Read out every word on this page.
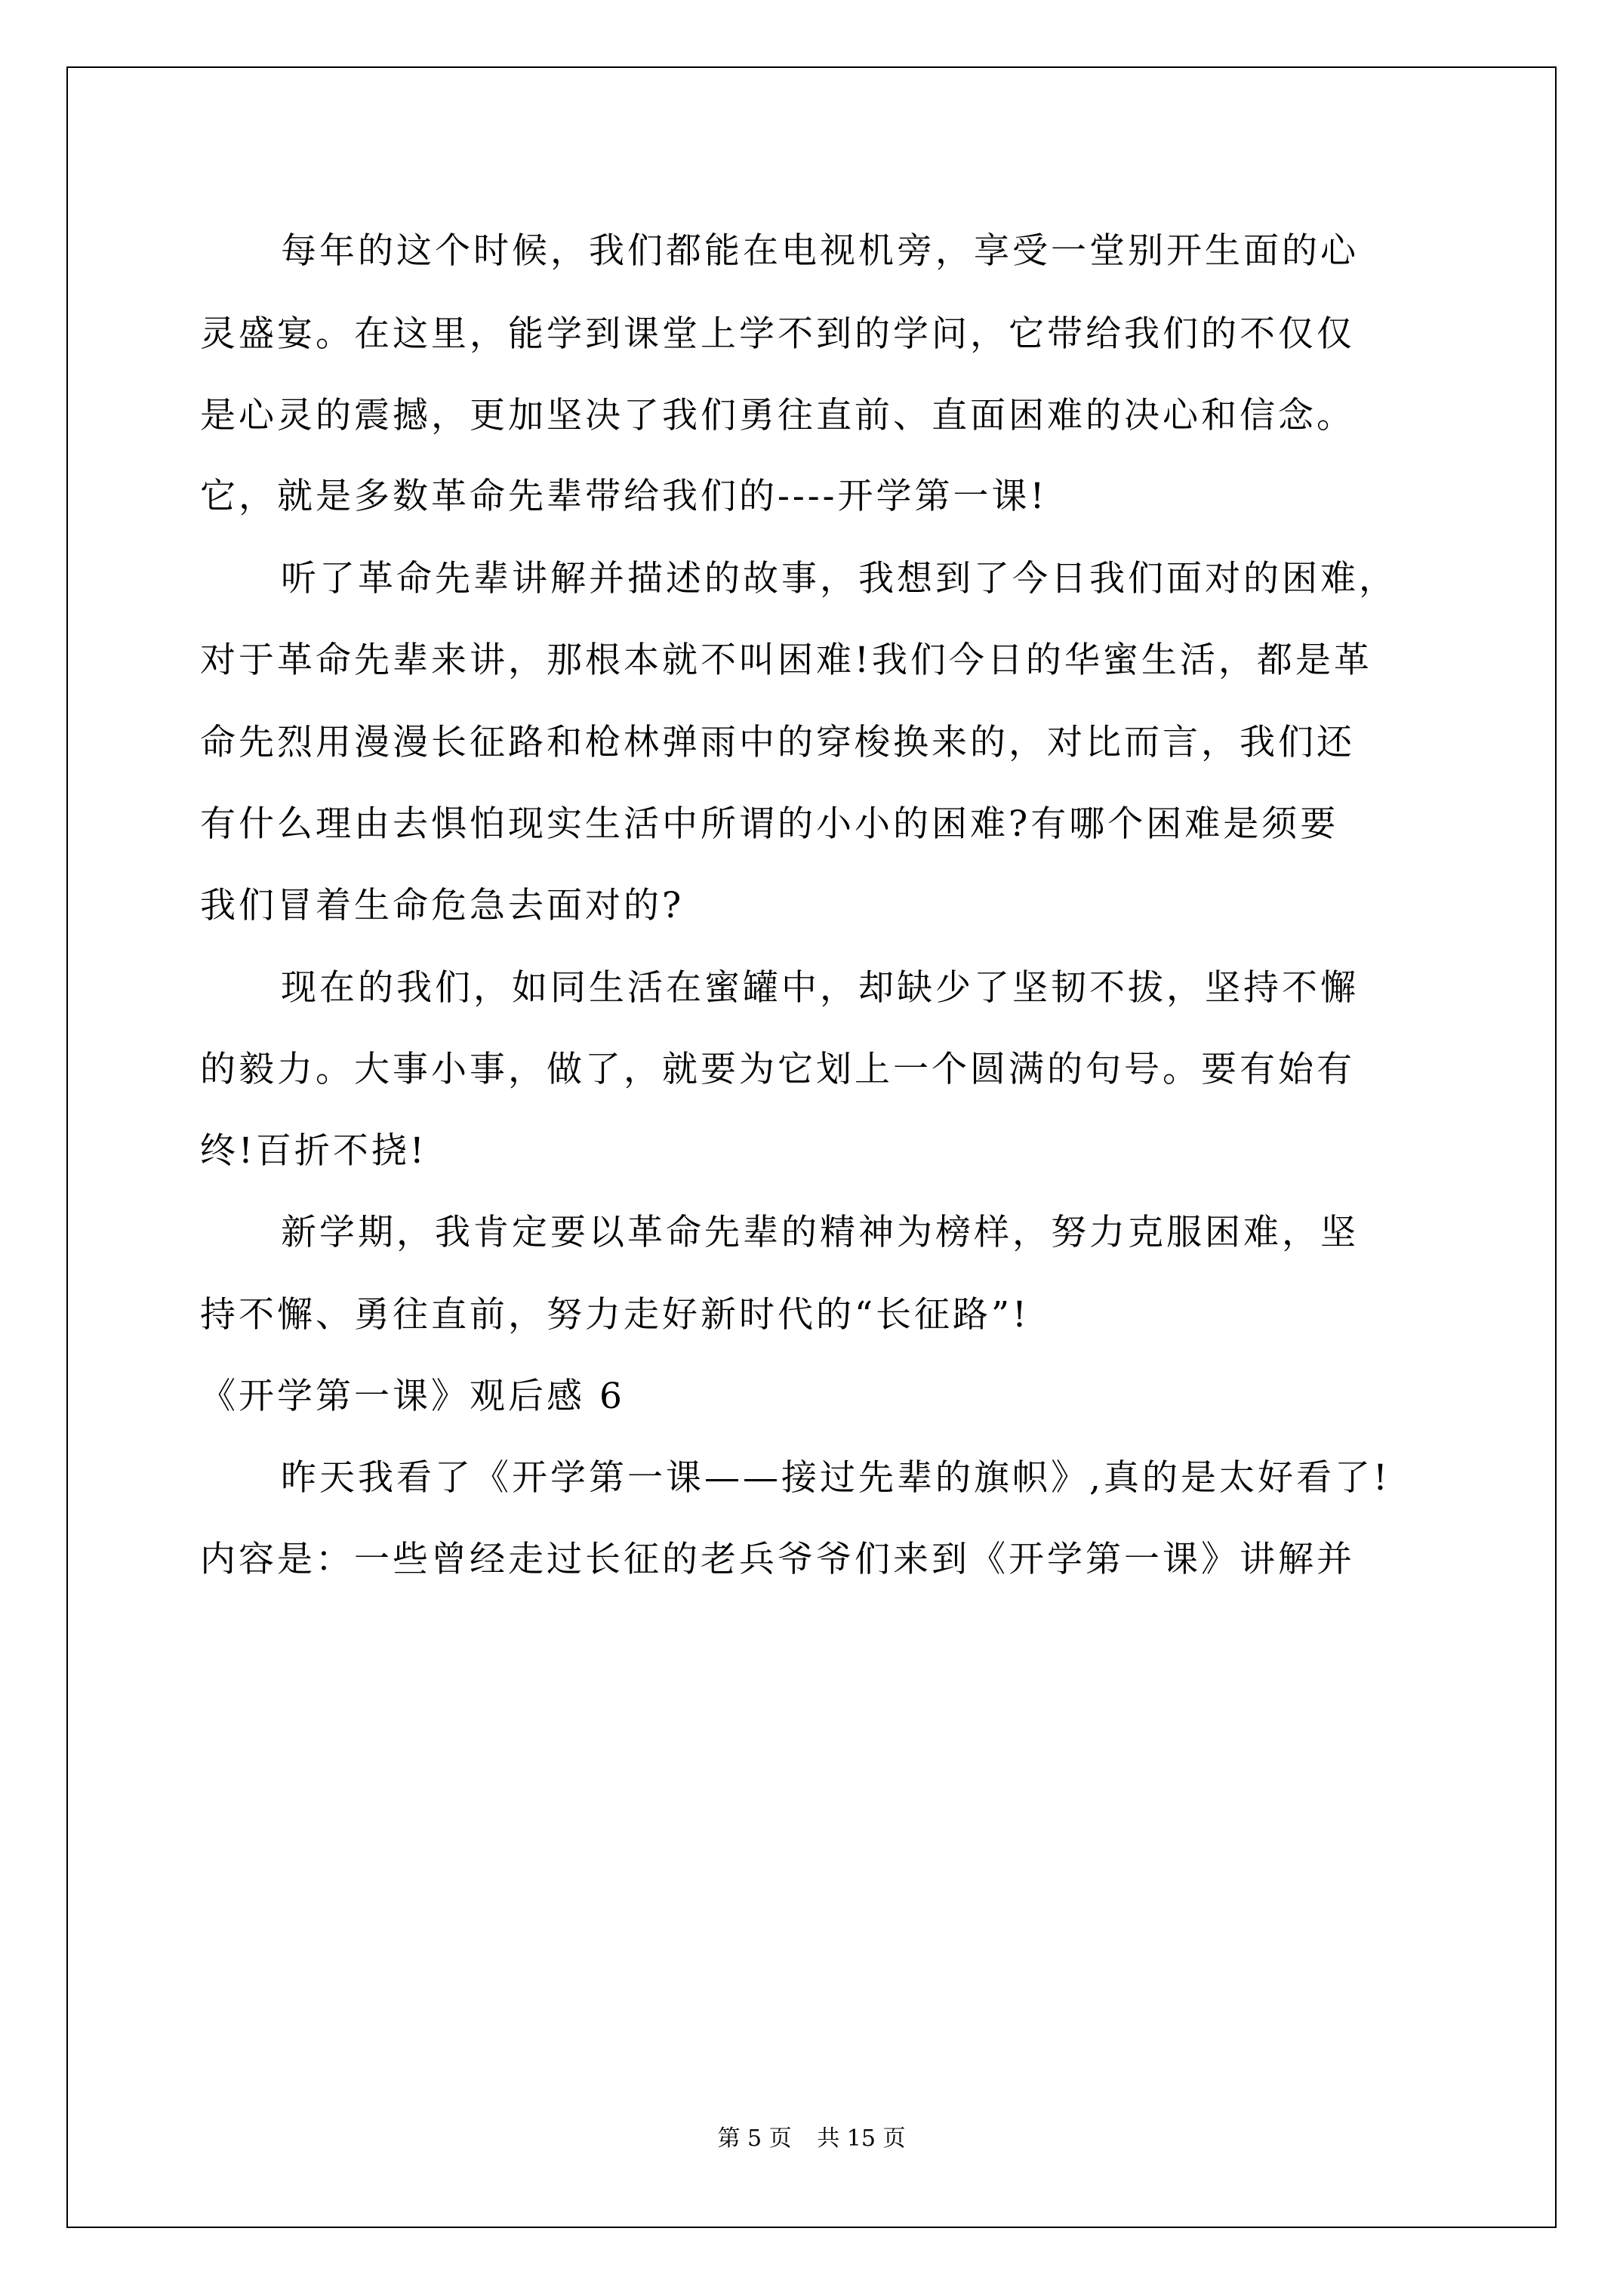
每年的这个时候，我们都能在电视机旁，享受一堂别开生面的心
灵盛宴。在这里，能学到课堂上学不到的学问，它带给我们的不仅仅
是心灵的震撼，更加坚决了我们勇往直前、直面困难的决心和信念。
它，就是多数革命先辈带给我们的----开学第一课!
听了革命先辈讲解并描述的故事，我想到了今日我们面对的困难，
对于革命先辈来讲，那根本就不叫困难!我们今日的华蜜生活，都是革
命先烈用漫漫长征路和枪林弹雨中的穿梭换来的，对比而言，我们还
有什么理由去惧怕现实生活中所谓的小小的困难?有哪个困难是须要
我们冒着生命危急去面对的?
现在的我们，如同生活在蜜罐中，却缺少了坚韧不拔，坚持不懈
的毅力。大事小事，做了，就要为它划上一个圆满的句号。要有始有
终!百折不挠!
新学期，我肯定要以革命先辈的精神为榜样，努力克服困难，坚
持不懈、勇往直前，努力走好新时代的“长征路”!
《开学第一课》观后感 6
昨天我看了《开学第一课——接过先辈的旗帜》,真的是太好看了!
内容是：一些曾经走过长征的老兵爷爷们来到《开学第一课》讲解并
第 5 页 共 15 页
